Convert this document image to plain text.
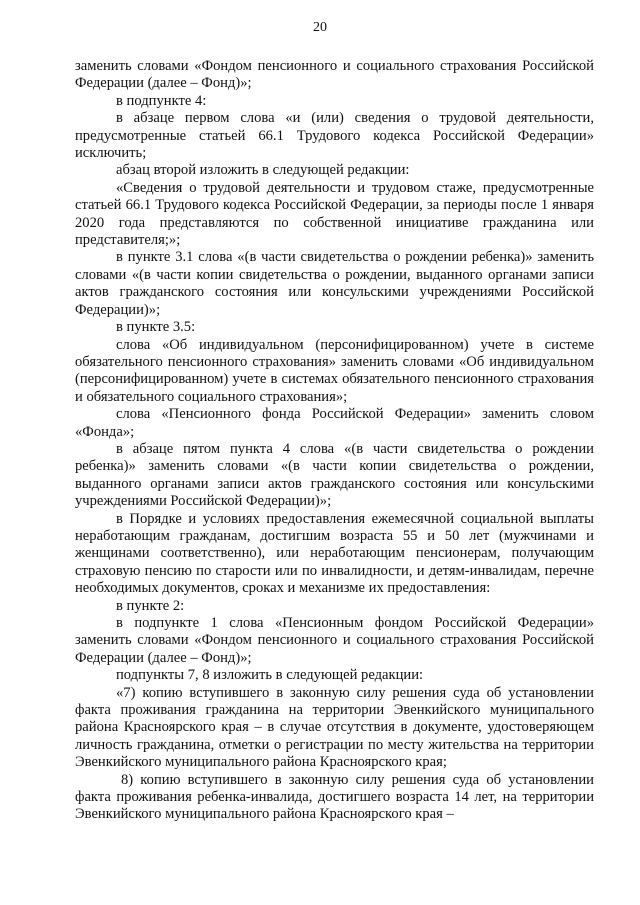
20

заменить словами «Фондом пенсионного и социального страхования Российской Федерации (далее – Фонд)»;

в подпункте 4:

в абзаце первом слова «и (или) сведения о трудовой деятельности, предусмотренные статьей 66.1 Трудового кодекса Российской Федерации» исключить;

абзац второй изложить в следующей редакции:

«Сведения о трудовой деятельности и трудовом стаже, предусмотренные статьей 66.1 Трудового кодекса Российской Федерации, за периоды после 1 января 2020 года представляются по собственной инициативе гражданина или представителя;»;

в пункте 3.1 слова «(в части свидетельства о рождении ребенка)» заменить словами «(в части копии свидетельства о рождении, выданного органами записи актов гражданского состояния или консульскими учреждениями Российской Федерации)»;

в пункте 3.5:

слова «Об индивидуальном (персонифицированном) учете в системе обязательного пенсионного страхования» заменить словами «Об индивидуальном (персонифицированном) учете в системах обязательного пенсионного страхования и обязательного социального страхования»;

слова «Пенсионного фонда Российской Федерации» заменить словом «Фонда»;

в абзаце пятом пункта 4 слова «(в части свидетельства о рождении ребенка)» заменить словами «(в части копии свидетельства о рождении, выданного органами записи актов гражданского состояния или консульскими учреждениями Российской Федерации)»;

в Порядке и условиях предоставления ежемесячной социальной выплаты неработающим гражданам, достигшим возраста 55 и 50 лет (мужчинами и женщинами соответственно), или неработающим пенсионерам, получающим страховую пенсию по старости или по инвалидности, и детям-инвалидам, перечне необходимых документов, сроках и механизме их предоставления:

в пункте 2:

в подпункте 1 слова «Пенсионным фондом Российской Федерации» заменить словами «Фондом пенсионного и социального страхования Российской Федерации (далее – Фонд)»;

подпункты 7, 8 изложить в следующей редакции:

«7) копию вступившего в законную силу решения суда об установлении факта проживания гражданина на территории Эвенкийского муниципального района Красноярского края – в случае отсутствия в документе, удостоверяющем личность гражданина, отметки о регистрации по месту жительства на территории Эвенкийского муниципального района Красноярского края;

8) копию вступившего в законную силу решения суда об установлении факта проживания ребенка-инвалида, достигшего возраста 14 лет, на территории Эвенкийского муниципального района Красноярского края –
